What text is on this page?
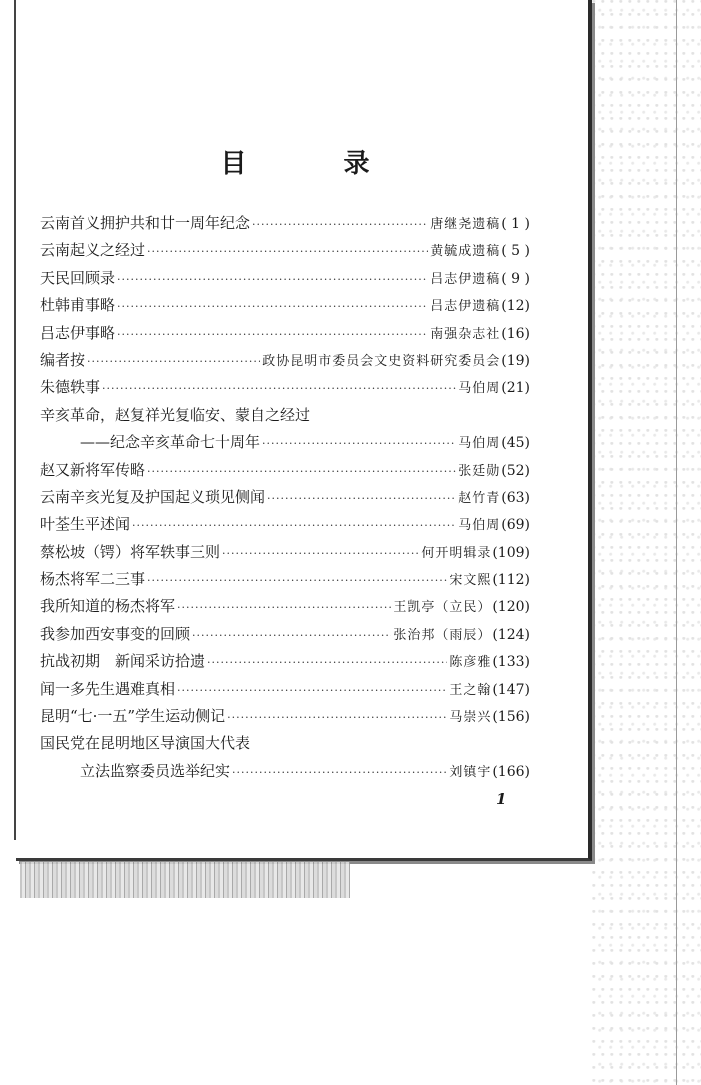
目 录
云南首义拥护共和廿一周年纪念 ·····	唐继尧遗稿 ( 1 )
云南起义之经过 ·····	黄毓成遗稿 ( 5 )
天民回顾录 ·····	吕志伊遗稿 ( 9 )
杜韩甫事略 ·····	吕志伊遗稿 (12)
吕志伊事略 ·····	南强杂志社 (16)
编者按 ·····	政协昆明市委员会文史资料研究委员会 (19)
朱德轶事 ·····	马伯周 (21)
辛亥革命，赵复祥光复临安、蒙自之经过
——纪念辛亥革命七十周年 ·····	马伯周 (45)
赵又新将军传略 ·····	张廷勋 (52)
云南辛亥光复及护国起义琐见侧闻 ·····	赵竹青 (63)
叶荃生平述闻 ·····	马伯周 (69)
蔡松坡（锷）将军轶事三则 ·····	何开明辑录 (109)
杨杰将军二三事 ·····	宋文熙 (112)
我所知道的杨杰将军 ·····	王凯亭（立民） (120)
我参加西安事变的回顾 ·····	张治邦（雨辰） (124)
抗战初期　新闻采访拾遗 ·····	陈彦雅 (133)
闻一多先生遇难真相 ·····	王之翰 (147)
昆明“七·一五”学生运动侧记 ·····	马崇兴 (156)
国民党在昆明地区导演国大代表
立法监察委员选举纪实 ·····	刘镇宇 (166)
1
